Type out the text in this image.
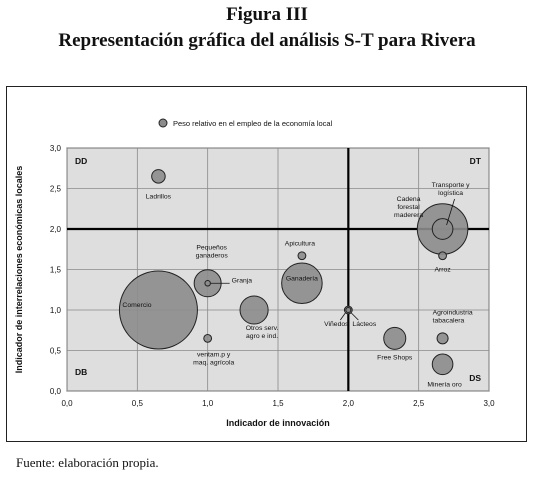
Figura III
Representación gráfica del análisis S-T para Rivera
0,0	0,5	1,0	1,5	2,0	2,5	3,0
0,0
0,5
1,0
1,5
2,0
2,5
3,0
Indicador de innovación
Indicador de interrelaciones económicas locales
Peso relativo en el empleo de la economía local
DD	DT
DB
DS
Ladrillos
Pequeños ganaderos
Granja
Comercio
ventam.p y maq. agrícola
Otros serv. agro e ind.
Apicultura
Ganadería
Viñedos Lácteos
Free Shops
Cadena forestal maderera
Transporte y logística
Arroz
Agroindustria tabacalera
Minería oro
Fuente: elaboración propia.
